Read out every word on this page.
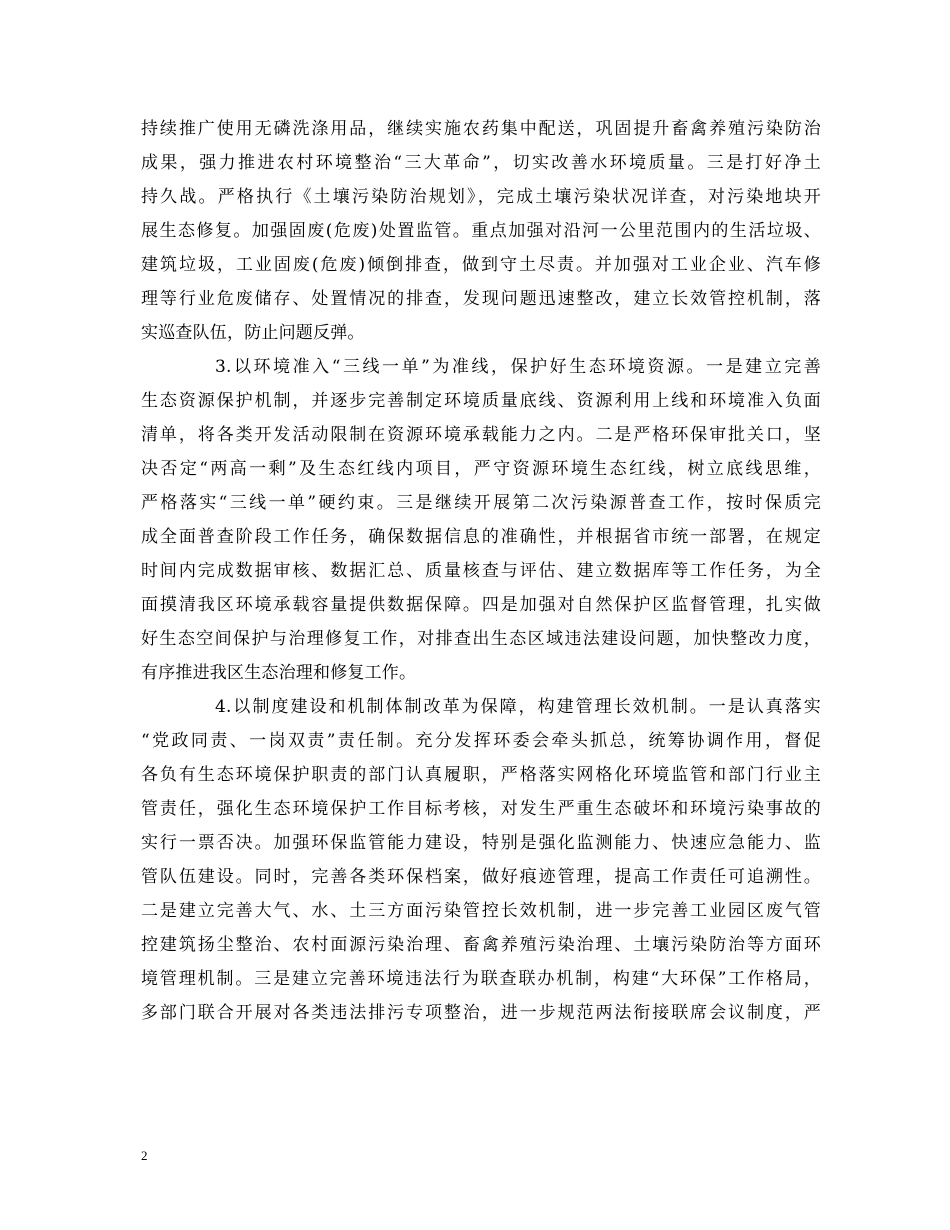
持续推广使用无磷洗涤用品，继续实施农药集中配送，巩固提升畜禽养殖污染防治
成果，强力推进农村环境整治“三大革命”，切实改善水环境质量。三是打好净土
持久战。严格执行《土壤污染防治规划》，完成土壤污染状况详查，对污染地块开
展生态修复。加强固废(危废)处置监管。重点加强对沿河一公里范围内的生活垃圾、
建筑垃圾，工业固废(危废)倾倒排查，做到守土尽责。并加强对工业企业、汽车修
理等行业危废储存、处置情况的排查，发现问题迅速整改，建立长效管控机制，落
实巡查队伍，防止问题反弹。
3.以环境准入“三线一单”为准线，保护好生态环境资源。一是建立完善
生态资源保护机制，并逐步完善制定环境质量底线、资源利用上线和环境准入负面
清单，将各类开发活动限制在资源环境承载能力之内。二是严格环保审批关口，坚
决否定“两高一剩”及生态红线内项目，严守资源环境生态红线，树立底线思维，
严格落实“三线一单”硬约束。三是继续开展第二次污染源普查工作，按时保质完
成全面普查阶段工作任务，确保数据信息的准确性，并根据省市统一部署，在规定
时间内完成数据审核、数据汇总、质量核查与评估、建立数据库等工作任务，为全
面摸清我区环境承载容量提供数据保障。四是加强对自然保护区监督管理，扎实做
好生态空间保护与治理修复工作，对排查出生态区域违法建设问题，加快整改力度，
有序推进我区生态治理和修复工作。
4.以制度建设和机制体制改革为保障，构建管理长效机制。一是认真落实
“党政同责、一岗双责”责任制。充分发挥环委会牵头抓总，统筹协调作用，督促
各负有生态环境保护职责的部门认真履职，严格落实网格化环境监管和部门行业主
管责任，强化生态环境保护工作目标考核，对发生严重生态破坏和环境污染事故的
实行一票否决。加强环保监管能力建设，特别是强化监测能力、快速应急能力、监
管队伍建设。同时，完善各类环保档案，做好痕迹管理，提高工作责任可追溯性。
二是建立完善大气、水、土三方面污染管控长效机制，进一步完善工业园区废气管
控建筑扬尘整治、农村面源污染治理、畜禽养殖污染治理、土壤污染防治等方面环
境管理机制。三是建立完善环境违法行为联查联办机制，构建“大环保”工作格局，
多部门联合开展对各类违法排污专项整治，进一步规范两法衔接联席会议制度，严
2
